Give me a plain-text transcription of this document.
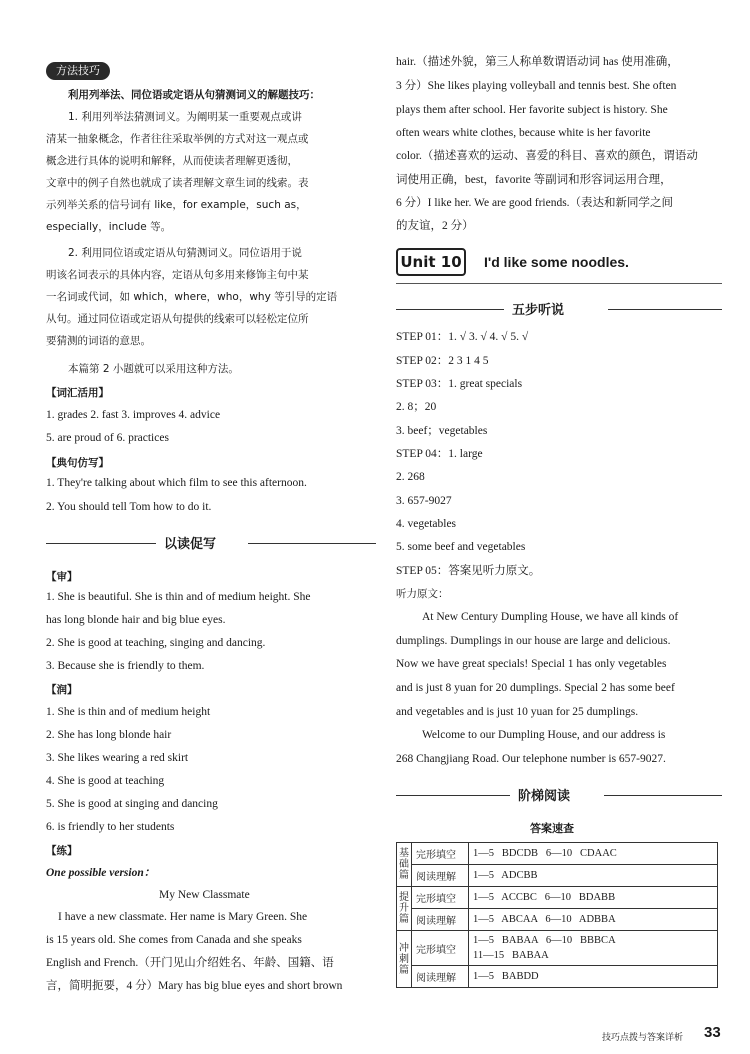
方法技巧
利用列举法、同位语或定语从句猜测词义的解题技巧：
1. 利用列举法猜测词义。为阐明某一重要观点或讲
清某一抽象概念，作者往往采取举例的方式对这一观点或
概念进行具体的说明和解释，从而使读者理解更透彻，
文章中的例子自然也就成了读者理解文章生词的线索。表
示列举关系的信号词有 like，for example，such as，
especially，include 等。
2. 利用同位语或定语从句猜测词义。同位语用于说
明该名词表示的具体内容，定语从句多用来修饰主句中某
一名词或代词，如 which，where，who，why 等引导的定语
从句。通过同位语或定语从句提供的线索可以轻松定位所
要猜测的词语的意思。
本篇第 2 小题就可以采用这种方法。
【词汇活用】
1. grades 2. fast 3. improves 4. advice
5. are proud of 6. practices
【典句仿写】
1. They're talking about which film to see this afternoon.
2. You should tell Tom how to do it.
以读促写
【审】
1. She is beautiful. She is thin and of medium height. She
has long blonde hair and big blue eyes.
2. She is good at teaching, singing and dancing.
3. Because she is friendly to them.
【润】
1. She is thin and of medium height
2. She has long blonde hair
3. She likes wearing a red skirt
4. She is good at teaching
5. She is good at singing and dancing
6. is friendly to her students
【练】
One possible version：
My New Classmate
I have a new classmate. Her name is Mary Green. She
is 15 years old. She comes from Canada and she speaks
English and French.（开门见山介绍姓名、年龄、国籍、语
言，简明扼要，4 分）Mary has big blue eyes and short brown
hair.（描述外貌，第三人称单数谓语动词 has 使用准确，
3 分）She likes playing volleyball and tennis best. She often
plays them after school. Her favorite subject is history. She
often wears white clothes, because white is her favorite
color.（描述喜欢的运动、喜爱的科目、喜欢的颜色，谓语动
词使用正确，best，favorite 等副词和形容词运用合理，
6 分）I like her. We are good friends.（表达和新同学之间
的友谊，2 分）
Unit 10	I'd like some noodles.
五步听说
STEP 01：1. √ 3. √ 4. √ 5. √
STEP 02：2 3 1 4 5
STEP 03：1. great specials
2. 8；20
3. beef；vegetables
STEP 04：1. large
2. 268
3. 657-9027
4. vegetables
5. some beef and vegetables
STEP 05：答案见听力原文。
听力原文：
At New Century Dumpling House, we have all kinds of
dumplings. Dumplings in our house are large and delicious.
Now we have great specials! Special 1 has only vegetables
and is just 8 yuan for 20 dumplings. Special 2 has some beef
and vegetables and is just 10 yuan for 25 dumplings.
Welcome to our Dumpling House, and our address is
268 Changjiang Road. Our telephone number is 657-9027.
阶梯阅读
答案速查
基础篇	完形填空	1—5   BDCDB   6—10   CDAAC
	阅读理解	1—5   ADCBB
提升篇	完形填空	1—5   ACCBC   6—10   BDABB
	阅读理解	1—5   ABCAA   6—10   ADBBA
冲刺篇	完形填空	1—5   BABAA   6—10   BBBCA
11—15   BABAA
	阅读理解	1—5   BABDD
技巧点拨与答案详析 33
